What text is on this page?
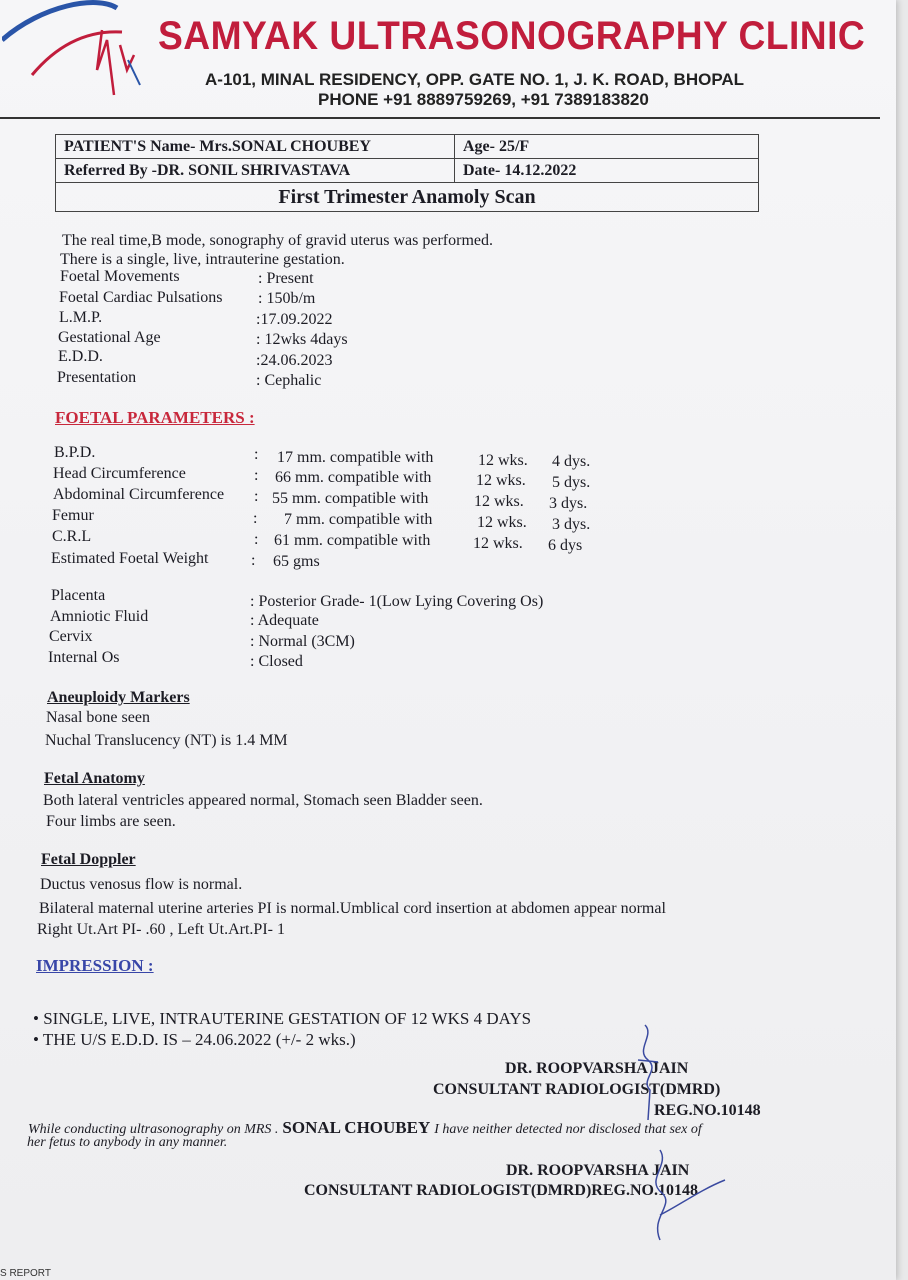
SAMYAK ULTRASONOGRAPHY CLINIC
A-101, MINAL RESIDENCY, OPP. GATE NO. 1, J. K. ROAD, BHOPAL
PHONE +91 8889759269, +91 7389183820
PATIENT'S Name- Mrs.SONAL CHOUBEY	Age- 25/F
Referred By -DR. SONIL SHRIVASTAVA	Date- 14.12.2022
First Trimester Anamoly Scan	
The real time,B mode, sonography of gravid uterus was performed.
There is a single, live, intrauterine gestation.
Foetal Movements	: Present
Foetal Cardiac Pulsations : 150b/m
L.M.P.	:17.09.2022
Gestational Age	: 12wks 4days
E.D.D.	:24.06.2023
Presentation	: Cephalic
FOETAL PARAMETERS :
B.P.D.	: 17 mm. compatible with	12 wks. 4 dys.
Head Circumference	: 66 mm. compatible with	12 wks. 5 dys.
Abdominal Circumference : 55 mm. compatible with	12 wks. 3 dys.
Femur	: 7 mm. compatible with	12 wks. 3 dys.
C.R.L	: 61 mm. compatible with	12 wks. 6 dys
Estimated Foetal Weight	: 65 gms
Placenta	: Posterior Grade- 1(Low Lying Covering Os)
Amniotic Fluid	: Adequate
Cervix	: Normal (3CM)
Internal Os	: Closed
Aneuploidy Markers
Nasal bone seen
Nuchal Translucency (NT) is 1.4 MM
Fetal Anatomy
Both lateral ventricles appeared normal, Stomach seen Bladder seen.
Four limbs are seen.
Fetal Doppler
Ductus venosus flow is normal.
Bilateral maternal uterine arteries PI is normal.Umblical cord insertion at abdomen appear normal
Right Ut.Art PI- .60 , Left Ut.Art.PI- 1
IMPRESSION :
• SINGLE, LIVE, INTRAUTERINE GESTATION OF 12 WKS 4 DAYS
• THE U/S E.D.D. IS – 24.06.2022 (+/- 2 wks.)
DR. ROOPVARSHA JAIN
CONSULTANT RADIOLOGIST(DMRD)
REG.NO.10148
While conducting ultrasonography on MRS . SONAL CHOUBEY I have neither detected nor disclosed that sex of
her fetus to anybody in any manner.
DR. ROOPVARSHA JAIN
CONSULTANT RADIOLOGIST(DMRD)REG.NO.10148
S REPORT
